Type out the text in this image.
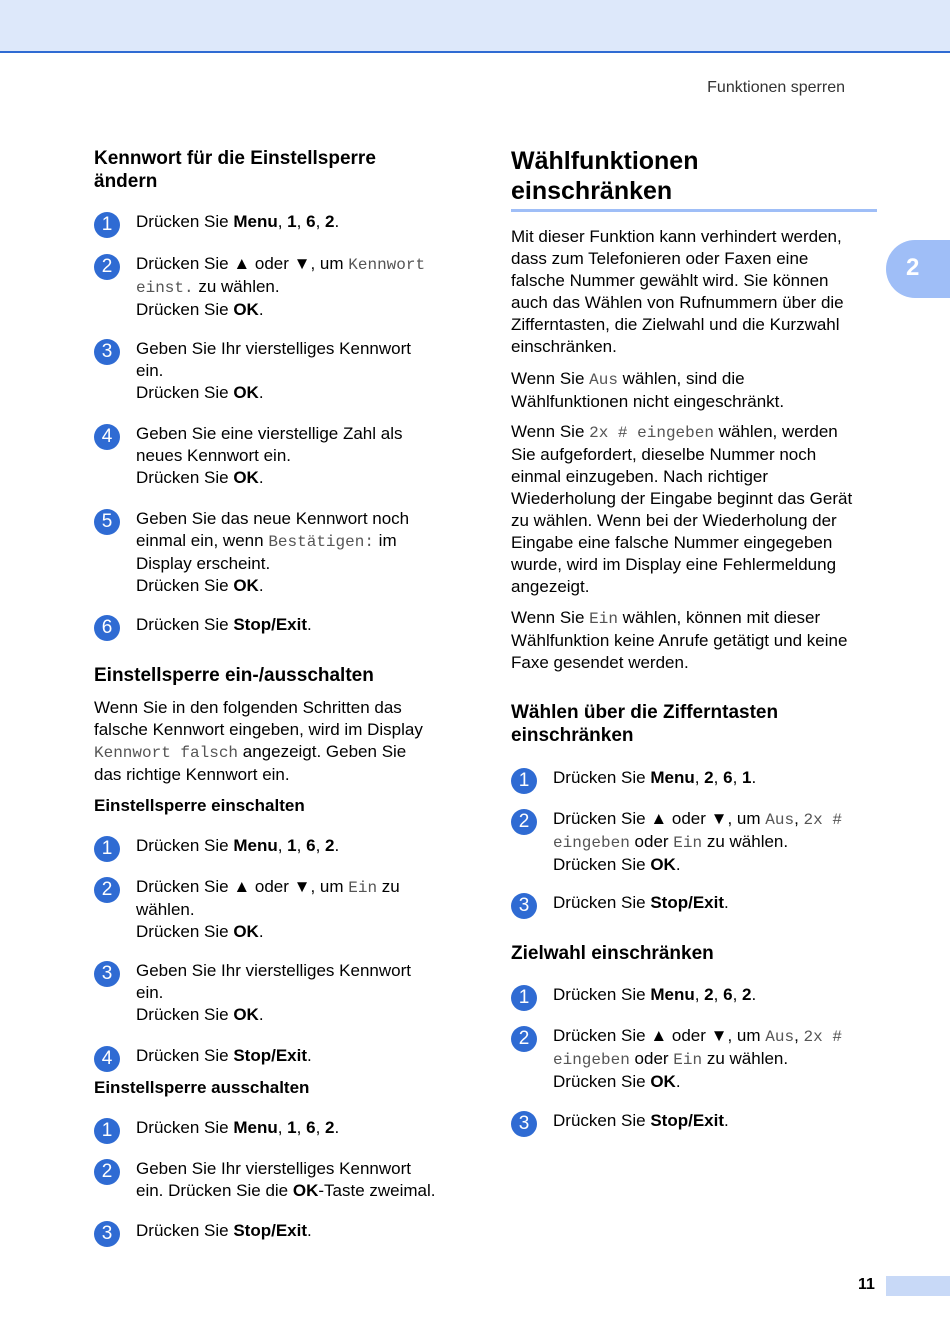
Funktionen sperren
2
Kennwort für die Einstellsperre
ändern
1	Drücken Sie Menu, 1, 6, 2.
2	Drücken Sie ▲ oder ▼, um Kennwort
einst. zu wählen.
Drücken Sie OK.
3	Geben Sie Ihr vierstelliges Kennwort
ein.
Drücken Sie OK.
4	Geben Sie eine vierstellige Zahl als
neues Kennwort ein.
Drücken Sie OK.
5	Geben Sie das neue Kennwort noch
einmal ein, wenn Bestätigen: im
Display erscheint.
Drücken Sie OK.
6	Drücken Sie Stop/Exit.
Einstellsperre ein-/ausschalten
Wenn Sie in den folgenden Schritten das
falsche Kennwort eingeben, wird im Display
Kennwort falsch angezeigt. Geben Sie
das richtige Kennwort ein.
Einstellsperre einschalten
1	Drücken Sie Menu, 1, 6, 2.
2	Drücken Sie ▲ oder ▼, um Ein zu
wählen.
Drücken Sie OK.
3	Geben Sie Ihr vierstelliges Kennwort
ein.
Drücken Sie OK.
4	Drücken Sie Stop/Exit.
Einstellsperre ausschalten
1	Drücken Sie Menu, 1, 6, 2.
2	Geben Sie Ihr vierstelliges Kennwort
ein. Drücken Sie die OK-Taste zweimal.
3	Drücken Sie Stop/Exit.
Wählfunktionen
einschränken
Mit dieser Funktion kann verhindert werden,
dass zum Telefonieren oder Faxen eine
falsche Nummer gewählt wird. Sie können
auch das Wählen von Rufnummern über die
Zifferntasten, die Zielwahl und die Kurzwahl
einschränken.
Wenn Sie Aus wählen, sind die
Wählfunktionen nicht eingeschränkt.
Wenn Sie 2x # eingeben wählen, werden
Sie aufgefordert, dieselbe Nummer noch
einmal einzugeben. Nach richtiger
Wiederholung der Eingabe beginnt das Gerät
zu wählen. Wenn bei der Wiederholung der
Eingabe eine falsche Nummer eingegeben
wurde, wird im Display eine Fehlermeldung
angezeigt.
Wenn Sie Ein wählen, können mit dieser
Wählfunktion keine Anrufe getätigt und keine
Faxe gesendet werden.
Wählen über die Zifferntasten
einschränken
1	Drücken Sie Menu, 2, 6, 1.
2	Drücken Sie ▲ oder ▼, um Aus, 2x #
eingeben oder Ein zu wählen.
Drücken Sie OK.
3	Drücken Sie Stop/Exit.
Zielwahl einschränken
1	Drücken Sie Menu, 2, 6, 2.
2	Drücken Sie ▲ oder ▼, um Aus, 2x #
eingeben oder Ein zu wählen.
Drücken Sie OK.
3	Drücken Sie Stop/Exit.
11
